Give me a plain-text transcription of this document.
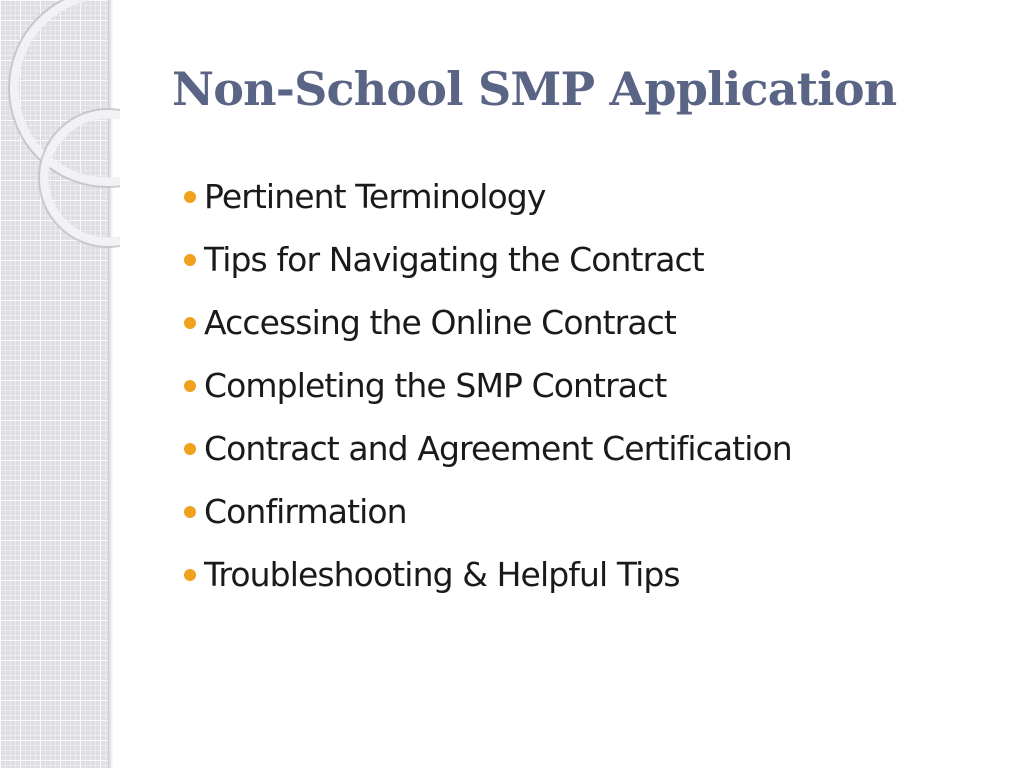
Non-School SMP Application
Pertinent Terminology
Tips for Navigating the Contract
Accessing the Online Contract
Completing the SMP Contract
Contract and Agreement Certification
Confirmation
Troubleshooting & Helpful Tips
